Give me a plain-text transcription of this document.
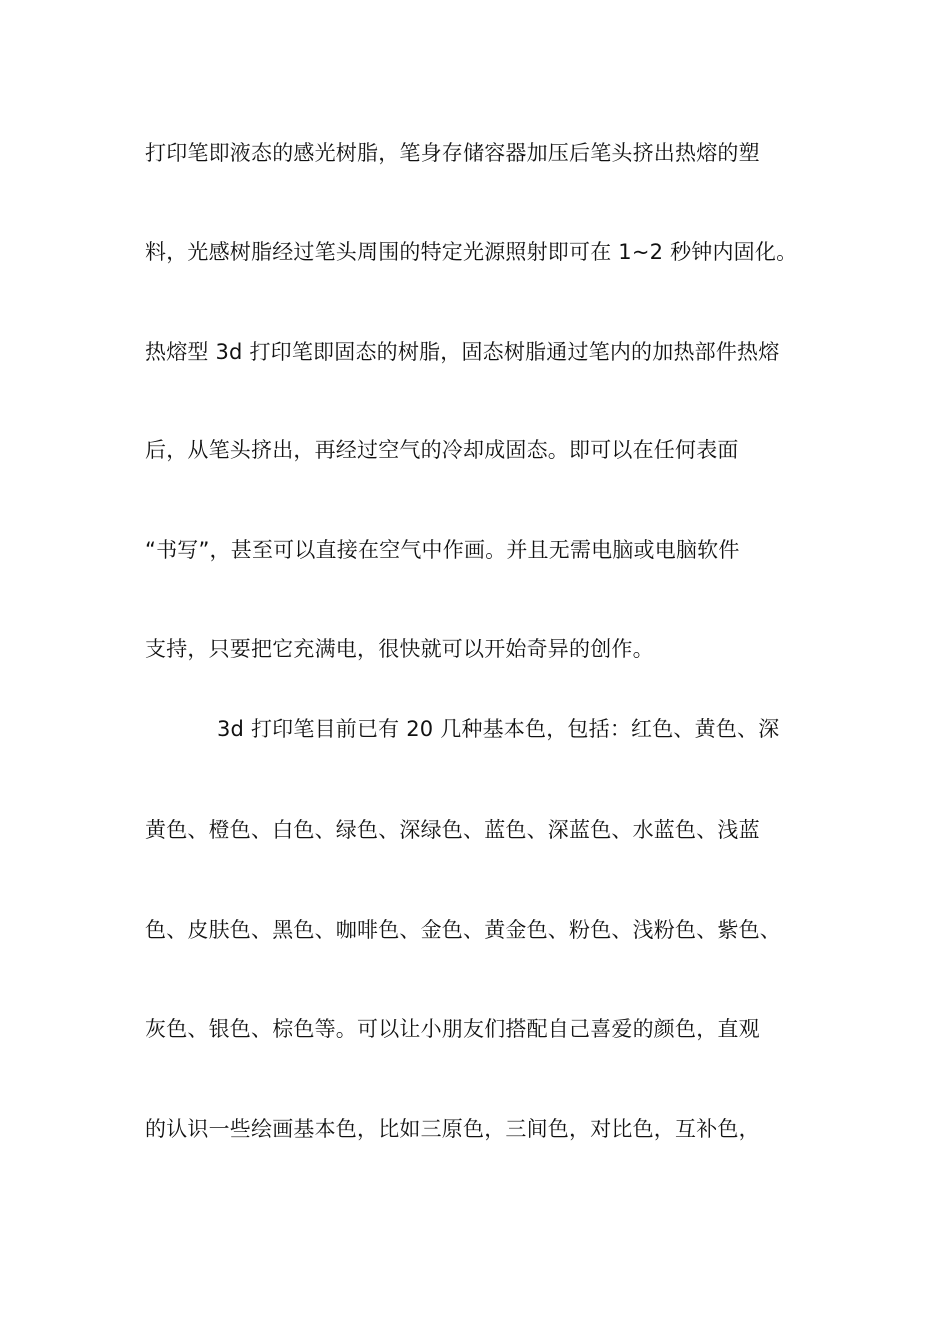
打印笔即液态的感光树脂，笔身存储容器加压后笔头挤出热熔的塑
料，光感树脂经过笔头周围的特定光源照射即可在 1~2 秒钟内固化。
热熔型 3d 打印笔即固态的树脂，固态树脂通过笔内的加热部件热熔
后，从笔头挤出，再经过空气的冷却成固态。即可以在任何表面
“书写”，甚至可以直接在空气中作画。并且无需电脑或电脑软件
支持，只要把它充满电，很快就可以开始奇异的创作。
3d 打印笔目前已有 20 几种基本色，包括：红色、黄色、深
黄色、橙色、白色、绿色、深绿色、蓝色、深蓝色、水蓝色、浅蓝
色、皮肤色、黑色、咖啡色、金色、黄金色、粉色、浅粉色、紫色、
灰色、银色、棕色等。可以让小朋友们搭配自己喜爱的颜色，直观
的认识一些绘画基本色，比如三原色，三间色，对比色，互补色，
